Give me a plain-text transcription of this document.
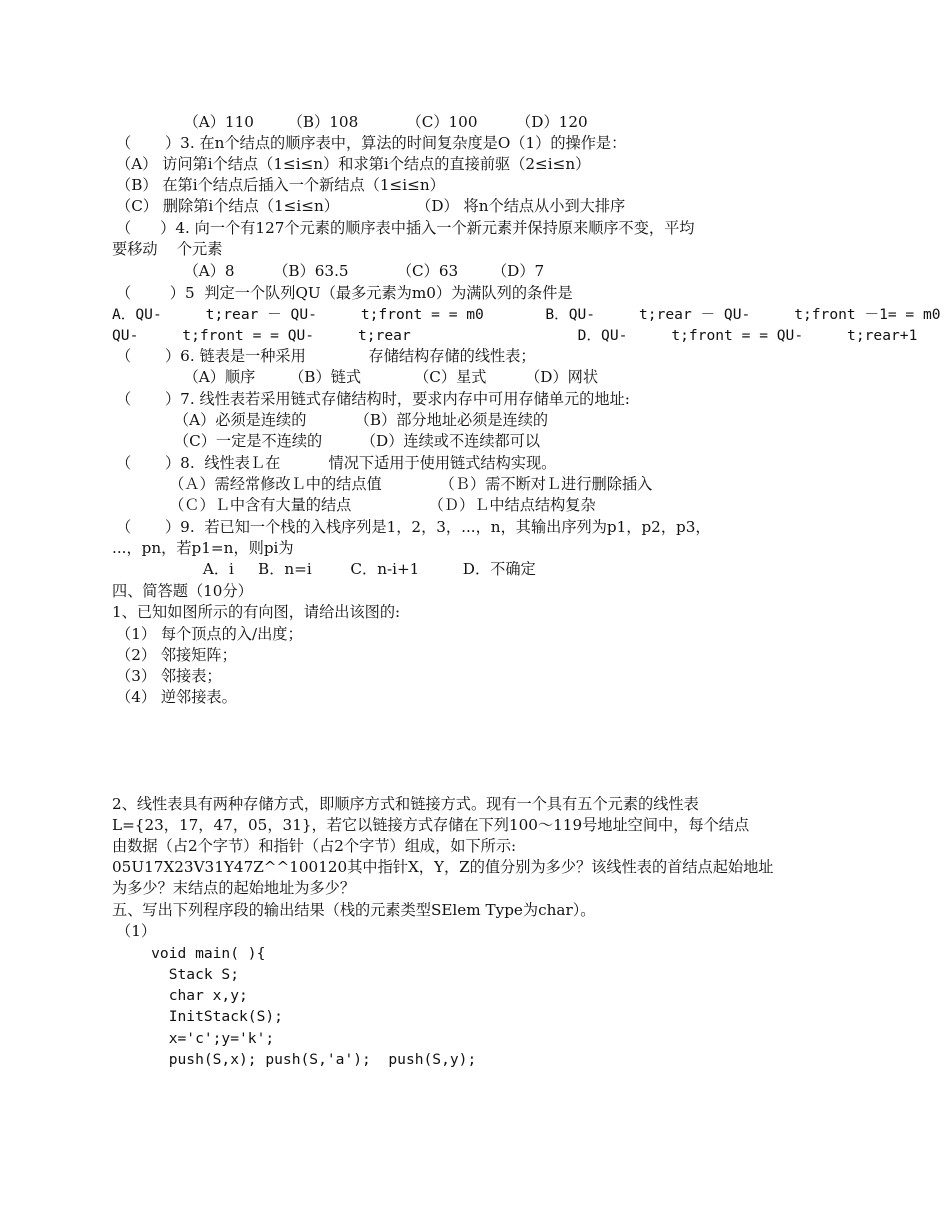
（A）110       （B）108          （C）100        （D）120
（       ）3. 在n个结点的顺序表中，算法的时间复杂度是O（1）的操作是：
（A） 访问第i个结点（1≤i≤n）和求第i个结点的直接前驱（2≤i≤n）
（B） 在第i个结点后插入一个新结点（1≤i≤n）
（C） 删除第i个结点（1≤i≤n）                （D） 将n个结点从小到大排序
（      ）4. 向一个有127个元素的顺序表中插入一个新元素并保持原来顺序不变，平均
要移动    个元素
（A）8        （B）63.5          （C）63       （D）7
（        ）5  判定一个队列QU（最多元素为m0）为满队列的条件是
A．QU-     t;rear － QU-     t;front = = m0       B．QU-     t;rear － QU-     t;front －1= = m0
QU-     t;front = = QU-     t;rear                   D．QU-     t;front = = QU-     t;rear+1
（       ）6. 链表是一种采用             存储结构存储的线性表；
（A）顺序       （B）链式           （C）星式        （D）网状
（       ）7. 线性表若采用链式存储结构时，要求内存中可用存储单元的地址:
（A）必须是连续的          （B）部分地址必须是连续的
（C）一定是不连续的        （D）连续或不连续都可以
（       ）8.  线性表Ｌ在          情况下适用于使用链式结构实现。
（Ａ）需经常修改Ｌ中的结点值            （Ｂ）需不断对Ｌ进行删除插入
（Ｃ）Ｌ中含有大量的结点                （Ｄ）Ｌ中结点结构复杂
（       ）9.  若已知一个栈的入栈序列是1，2，3，...，n，其输出序列为p1，p2，p3，
...，pn，若p1=n，则pi为
A．i     B．n=i        C．n-i+1         D．不确定
四、简答题（10分）
1、已知如图所示的有向图，请给出该图的:
（1） 每个顶点的入/出度；
（2） 邻接矩阵；
（3） 邻接表；
（4） 逆邻接表。
2、线性表具有两种存储方式，即顺序方式和链接方式。现有一个具有五个元素的线性表
L={23，17，47，05，31}，若它以链接方式存储在下列100～119号地址空间中，每个结点
由数据（占2个字节）和指针（占2个字节）组成，如下所示:
05U17X23V31Y47Z^^100120其中指针X，Y，Z的值分别为多少？该线性表的首结点起始地址
为多少？末结点的起始地址为多少？
五、写出下列程序段的输出结果（栈的元素类型SElem Type为char）。
（1）
void main( ){
Stack S;
char x,y;
InitStack(S);
x='c';y='k';
push(S,x); push(S,'a');  push(S,y);
